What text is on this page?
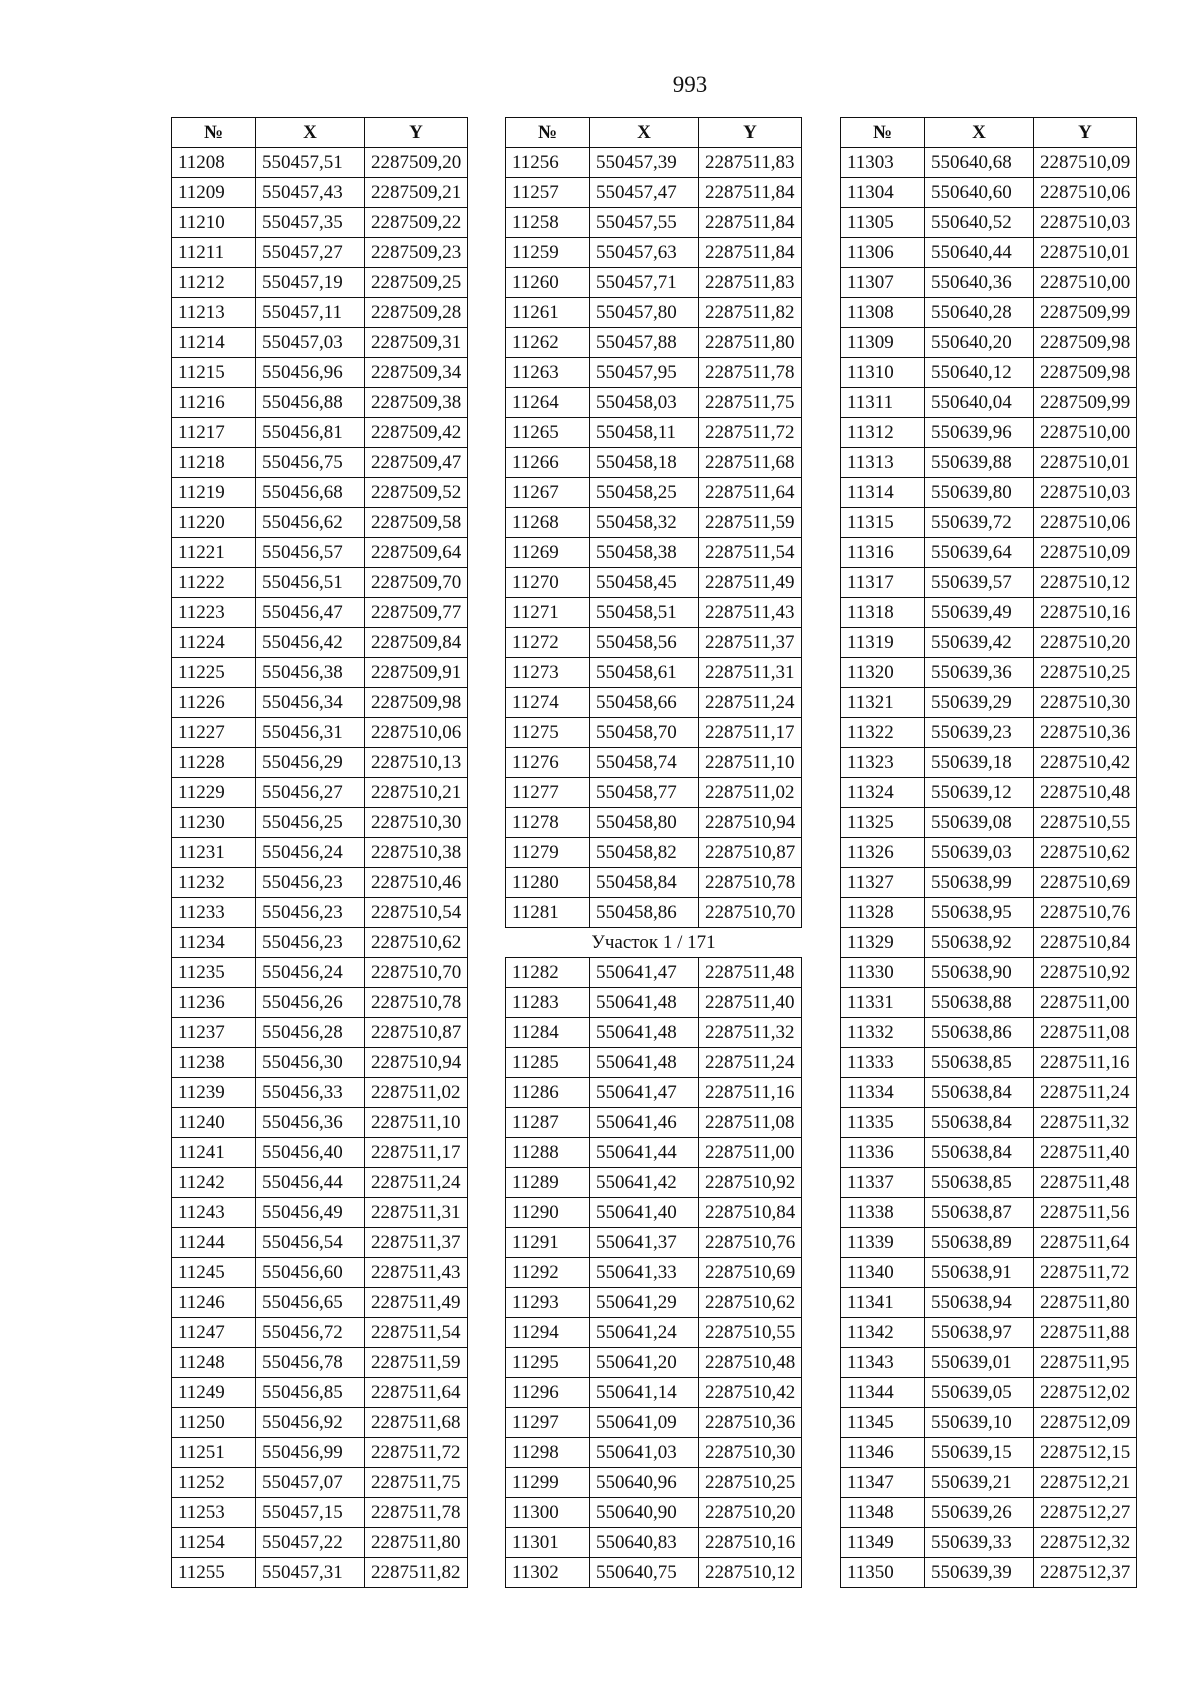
993
№	X	Y
11208	550457,51	2287509,20
11209	550457,43	2287509,21
11210	550457,35	2287509,22
11211	550457,27	2287509,23
11212	550457,19	2287509,25
11213	550457,11	2287509,28
11214	550457,03	2287509,31
11215	550456,96	2287509,34
11216	550456,88	2287509,38
11217	550456,81	2287509,42
11218	550456,75	2287509,47
11219	550456,68	2287509,52
11220	550456,62	2287509,58
11221	550456,57	2287509,64
11222	550456,51	2287509,70
11223	550456,47	2287509,77
11224	550456,42	2287509,84
11225	550456,38	2287509,91
11226	550456,34	2287509,98
11227	550456,31	2287510,06
11228	550456,29	2287510,13
11229	550456,27	2287510,21
11230	550456,25	2287510,30
11231	550456,24	2287510,38
11232	550456,23	2287510,46
11233	550456,23	2287510,54
11234	550456,23	2287510,62
11235	550456,24	2287510,70
11236	550456,26	2287510,78
11237	550456,28	2287510,87
11238	550456,30	2287510,94
11239	550456,33	2287511,02
11240	550456,36	2287511,10
11241	550456,40	2287511,17
11242	550456,44	2287511,24
11243	550456,49	2287511,31
11244	550456,54	2287511,37
11245	550456,60	2287511,43
11246	550456,65	2287511,49
11247	550456,72	2287511,54
11248	550456,78	2287511,59
11249	550456,85	2287511,64
11250	550456,92	2287511,68
11251	550456,99	2287511,72
11252	550457,07	2287511,75
11253	550457,15	2287511,78
11254	550457,22	2287511,80
11255	550457,31	2287511,82
№	X	Y
11256	550457,39	2287511,83
11257	550457,47	2287511,84
11258	550457,55	2287511,84
11259	550457,63	2287511,84
11260	550457,71	2287511,83
11261	550457,80	2287511,82
11262	550457,88	2287511,80
11263	550457,95	2287511,78
11264	550458,03	2287511,75
11265	550458,11	2287511,72
11266	550458,18	2287511,68
11267	550458,25	2287511,64
11268	550458,32	2287511,59
11269	550458,38	2287511,54
11270	550458,45	2287511,49
11271	550458,51	2287511,43
11272	550458,56	2287511,37
11273	550458,61	2287511,31
11274	550458,66	2287511,24
11275	550458,70	2287511,17
11276	550458,74	2287511,10
11277	550458,77	2287511,02
11278	550458,80	2287510,94
11279	550458,82	2287510,87
11280	550458,84	2287510,78
11281	550458,86	2287510,70
Участок 1 / 171		
11282	550641,47	2287511,48
11283	550641,48	2287511,40
11284	550641,48	2287511,32
11285	550641,48	2287511,24
11286	550641,47	2287511,16
11287	550641,46	2287511,08
11288	550641,44	2287511,00
11289	550641,42	2287510,92
11290	550641,40	2287510,84
11291	550641,37	2287510,76
11292	550641,33	2287510,69
11293	550641,29	2287510,62
11294	550641,24	2287510,55
11295	550641,20	2287510,48
11296	550641,14	2287510,42
11297	550641,09	2287510,36
11298	550641,03	2287510,30
11299	550640,96	2287510,25
11300	550640,90	2287510,20
11301	550640,83	2287510,16
11302	550640,75	2287510,12
№	X	Y
11303	550640,68	2287510,09
11304	550640,60	2287510,06
11305	550640,52	2287510,03
11306	550640,44	2287510,01
11307	550640,36	2287510,00
11308	550640,28	2287509,99
11309	550640,20	2287509,98
11310	550640,12	2287509,98
11311	550640,04	2287509,99
11312	550639,96	2287510,00
11313	550639,88	2287510,01
11314	550639,80	2287510,03
11315	550639,72	2287510,06
11316	550639,64	2287510,09
11317	550639,57	2287510,12
11318	550639,49	2287510,16
11319	550639,42	2287510,20
11320	550639,36	2287510,25
11321	550639,29	2287510,30
11322	550639,23	2287510,36
11323	550639,18	2287510,42
11324	550639,12	2287510,48
11325	550639,08	2287510,55
11326	550639,03	2287510,62
11327	550638,99	2287510,69
11328	550638,95	2287510,76
11329	550638,92	2287510,84
11330	550638,90	2287510,92
11331	550638,88	2287511,00
11332	550638,86	2287511,08
11333	550638,85	2287511,16
11334	550638,84	2287511,24
11335	550638,84	2287511,32
11336	550638,84	2287511,40
11337	550638,85	2287511,48
11338	550638,87	2287511,56
11339	550638,89	2287511,64
11340	550638,91	2287511,72
11341	550638,94	2287511,80
11342	550638,97	2287511,88
11343	550639,01	2287511,95
11344	550639,05	2287512,02
11345	550639,10	2287512,09
11346	550639,15	2287512,15
11347	550639,21	2287512,21
11348	550639,26	2287512,27
11349	550639,33	2287512,32
11350	550639,39	2287512,37
